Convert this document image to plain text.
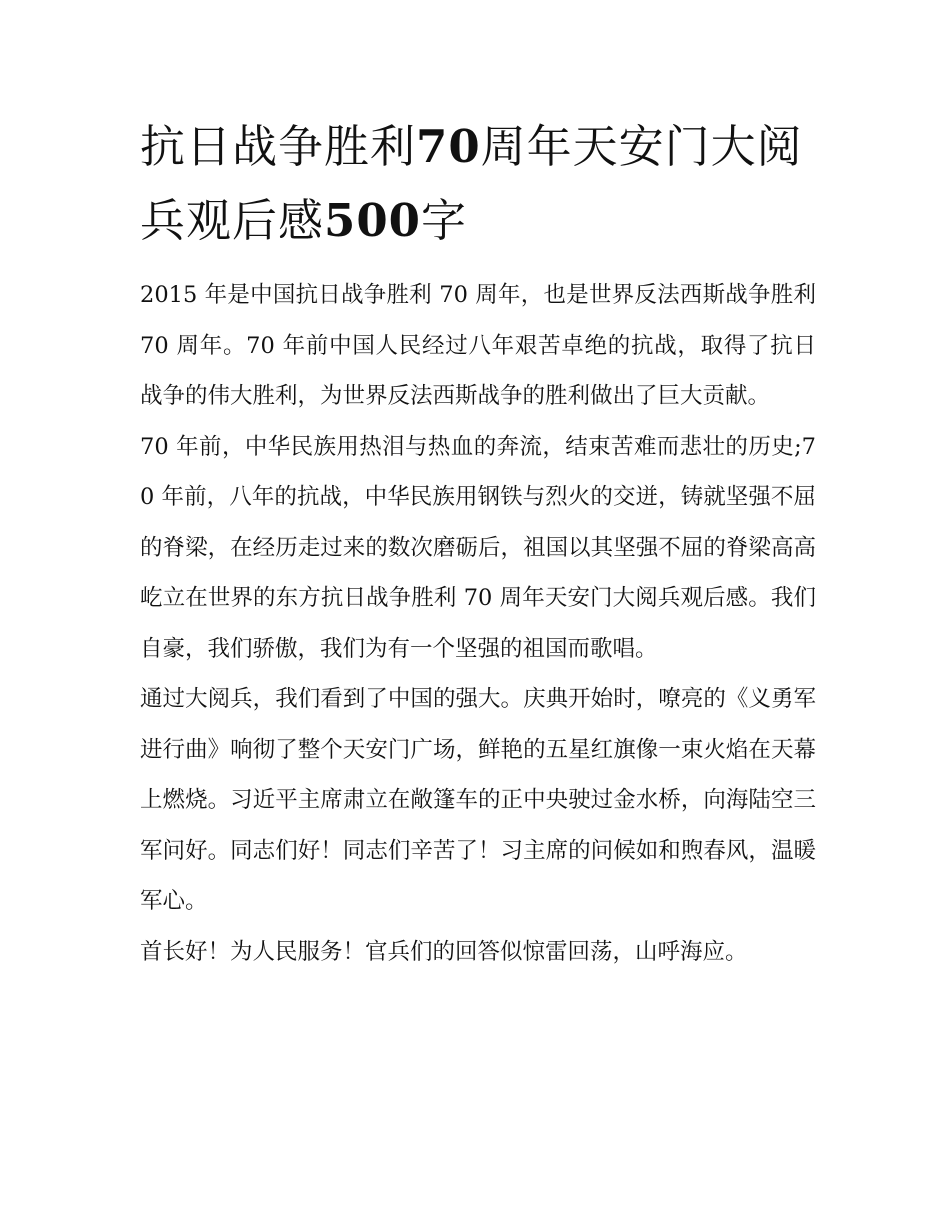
抗日战争胜利70周年天安门大阅兵观后感500字

2015 年是中国抗日战争胜利 70 周年，也是世界反法西斯战争胜利 70 周年。70 年前中国人民经过八年艰苦卓绝的抗战，取得了抗日战争的伟大胜利，为世界反法西斯战争的胜利做出了巨大贡献。

70 年前，中华民族用热泪与热血的奔流，结束苦难而悲壮的历史;70 年前，八年的抗战，中华民族用钢铁与烈火的交迸，铸就坚强不屈的脊梁，在经历走过来的数次磨砺后，祖国以其坚强不屈的脊梁高高屹立在世界的东方抗日战争胜利 70 周年天安门大阅兵观后感。我们自豪，我们骄傲，我们为有一个坚强的祖国而歌唱。

通过大阅兵，我们看到了中国的强大。庆典开始时，嘹亮的《义勇军进行曲》响彻了整个天安门广场，鲜艳的五星红旗像一束火焰在天幕上燃烧。习近平主席肃立在敞篷车的正中央驶过金水桥，向海陆空三军问好。同志们好！同志们辛苦了！习主席的问候如和煦春风，温暖军心。

首长好！为人民服务！官兵们的回答似惊雷回荡，山呼海应。
